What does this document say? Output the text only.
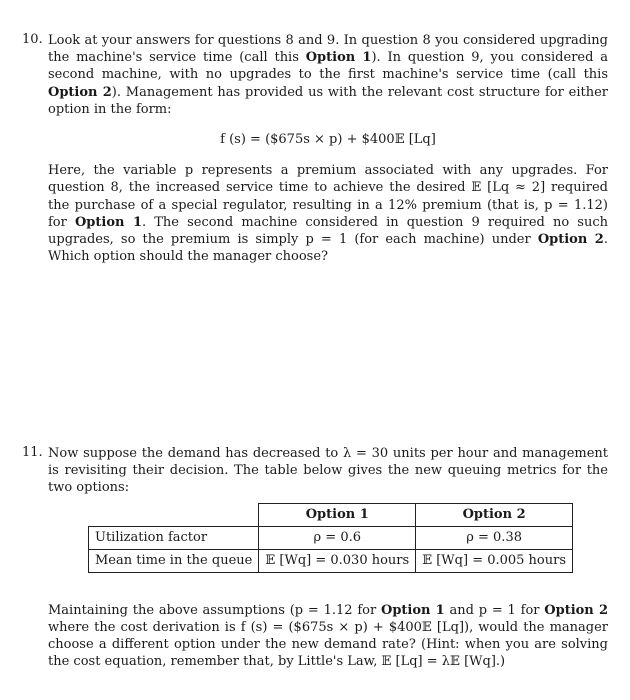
10. Look at your answers for questions 8 and 9. In question 8 you considered upgrading the machine's service time (call this Option 1). In question 9, you considered a second machine, with no upgrades to the first machine's service time (call this Option 2). Management has provided us with the relevant cost structure for either option in the form:

f (s) = ($675s × p) + $400𝔼 [Lq]

Here, the variable p represents a premium associated with any upgrades. For question 8, the increased service time to achieve the desired 𝔼 [Lq ≈ 2] required the purchase of a special regulator, resulting in a 12% premium (that is, p = 1.12) for Option 1. The second machine considered in question 9 required no such upgrades, so the premium is simply p = 1 (for each machine) under Option 2. Which option should the manager choose?

11. Now suppose the demand has decreased to λ = 30 units per hour and management is revisiting their decision. The table below gives the new queuing metrics for the two options:

	Option 1	Option 2
Utilization factor	ρ = 0.6	ρ = 0.38
Mean time in the queue	𝔼 [Wq] = 0.030 hours	𝔼 [Wq] = 0.005 hours

Maintaining the above assumptions (p = 1.12 for Option 1 and p = 1 for Option 2 where the cost derivation is f (s) = ($675s × p) + $400𝔼 [Lq]), would the manager choose a different option under the new demand rate? (Hint: when you are solving the cost equation, remember that, by Little's Law, 𝔼 [Lq] = λ𝔼 [Wq].)
